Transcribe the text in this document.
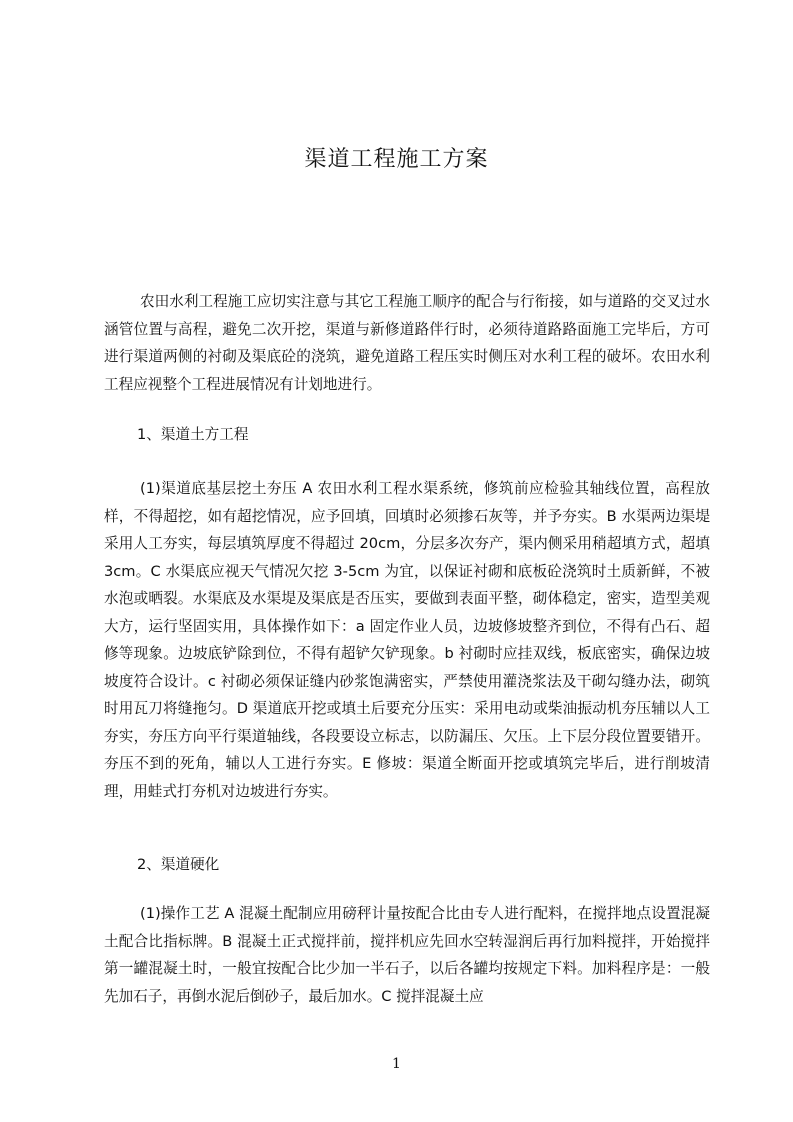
渠道工程施工方案

农田水利工程施工应切实注意与其它工程施工顺序的配合与行衔接，如与道路的交叉过水涵管位置与高程，避免二次开挖，渠道与新修道路伴行时，必须待道路路面施工完毕后，方可进行渠道两侧的衬砌及渠底砼的浇筑，避免道路工程压实时侧压对水利工程的破坏。农田水利工程应视整个工程进展情况有计划地进行。

1、渠道土方工程

(1)渠道底基层挖土夯压 A 农田水利工程水渠系统，修筑前应检验其轴线位置，高程放样，不得超挖，如有超挖情况，应予回填，回填时必须掺石灰等，并予夯实。B 水渠两边渠堤采用人工夯实，每层填筑厚度不得超过 20cm，分层多次夯产，渠内侧采用稍超填方式，超填 3cm。C 水渠底应视天气情况欠挖 3-5cm 为宜，以保证衬砌和底板砼浇筑时土质新鲜，不被水泡或晒裂。水渠底及水渠堤及渠底是否压实，要做到表面平整，砌体稳定，密实，造型美观大方，运行坚固实用，具体操作如下：a 固定作业人员，边坡修坡整齐到位，不得有凸石、超修等现象。边坡底铲除到位，不得有超铲欠铲现象。b 衬砌时应挂双线，板底密实，确保边坡坡度符合设计。c 衬砌必须保证缝内砂浆饱满密实，严禁使用灌浇浆法及干砌勾缝办法，砌筑时用瓦刀将缝拖匀。D 渠道底开挖或填土后要充分压实：采用电动或柴油振动机夯压辅以人工夯实，夯压方向平行渠道轴线，各段要设立标志，以防漏压、欠压。上下层分段位置要错开。夯压不到的死角，辅以人工进行夯实。E 修坡：渠道全断面开挖或填筑完毕后，进行削坡清理，用蛙式打夯机对边坡进行夯实。

2、渠道硬化

(1)操作工艺 A 混凝土配制应用磅秤计量按配合比由专人进行配料，在搅拌地点设置混凝土配合比指标牌。B 混凝土正式搅拌前，搅拌机应先回水空转湿润后再行加料搅拌，开始搅拌第一罐混凝土时，一般宜按配合比少加一半石子，以后各罐均按规定下料。加料程序是：一般先加石子，再倒水泥后倒砂子，最后加水。C 搅拌混凝土应

1
